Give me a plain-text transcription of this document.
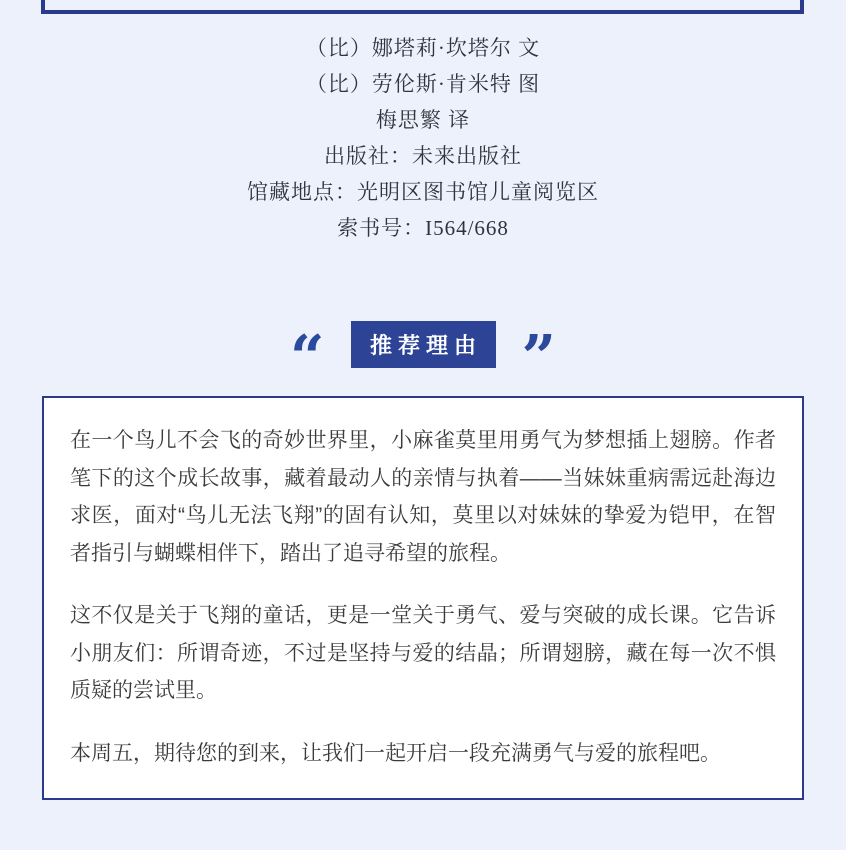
（比）娜塔莉·坎塔尔 文
（比）劳伦斯·肯米特 图
梅思繁 译
出版社：未来出版社
馆藏地点：光明区图书馆儿童阅览区
索书号：I564/668
“ 推荐理由 ”

在一个鸟儿不会飞的奇妙世界里，小麻雀莫里用勇气为梦想插上翅膀。作者笔下的这个成长故事，藏着最动人的亲情与执着——当妹妹重病需远赴海边求医，面对“鸟儿无法飞翔”的固有认知，莫里以对妹妹的挚爱为铠甲，在智者指引与蝴蝶相伴下，踏出了追寻希望的旅程。

这不仅是关于飞翔的童话，更是一堂关于勇气、爱与突破的成长课。它告诉小朋友们：所谓奇迹，不过是坚持与爱的结晶；所谓翅膀，藏在每一次不惧质疑的尝试里。

本周五，期待您的到来，让我们一起开启一段充满勇气与爱的旅程吧。
